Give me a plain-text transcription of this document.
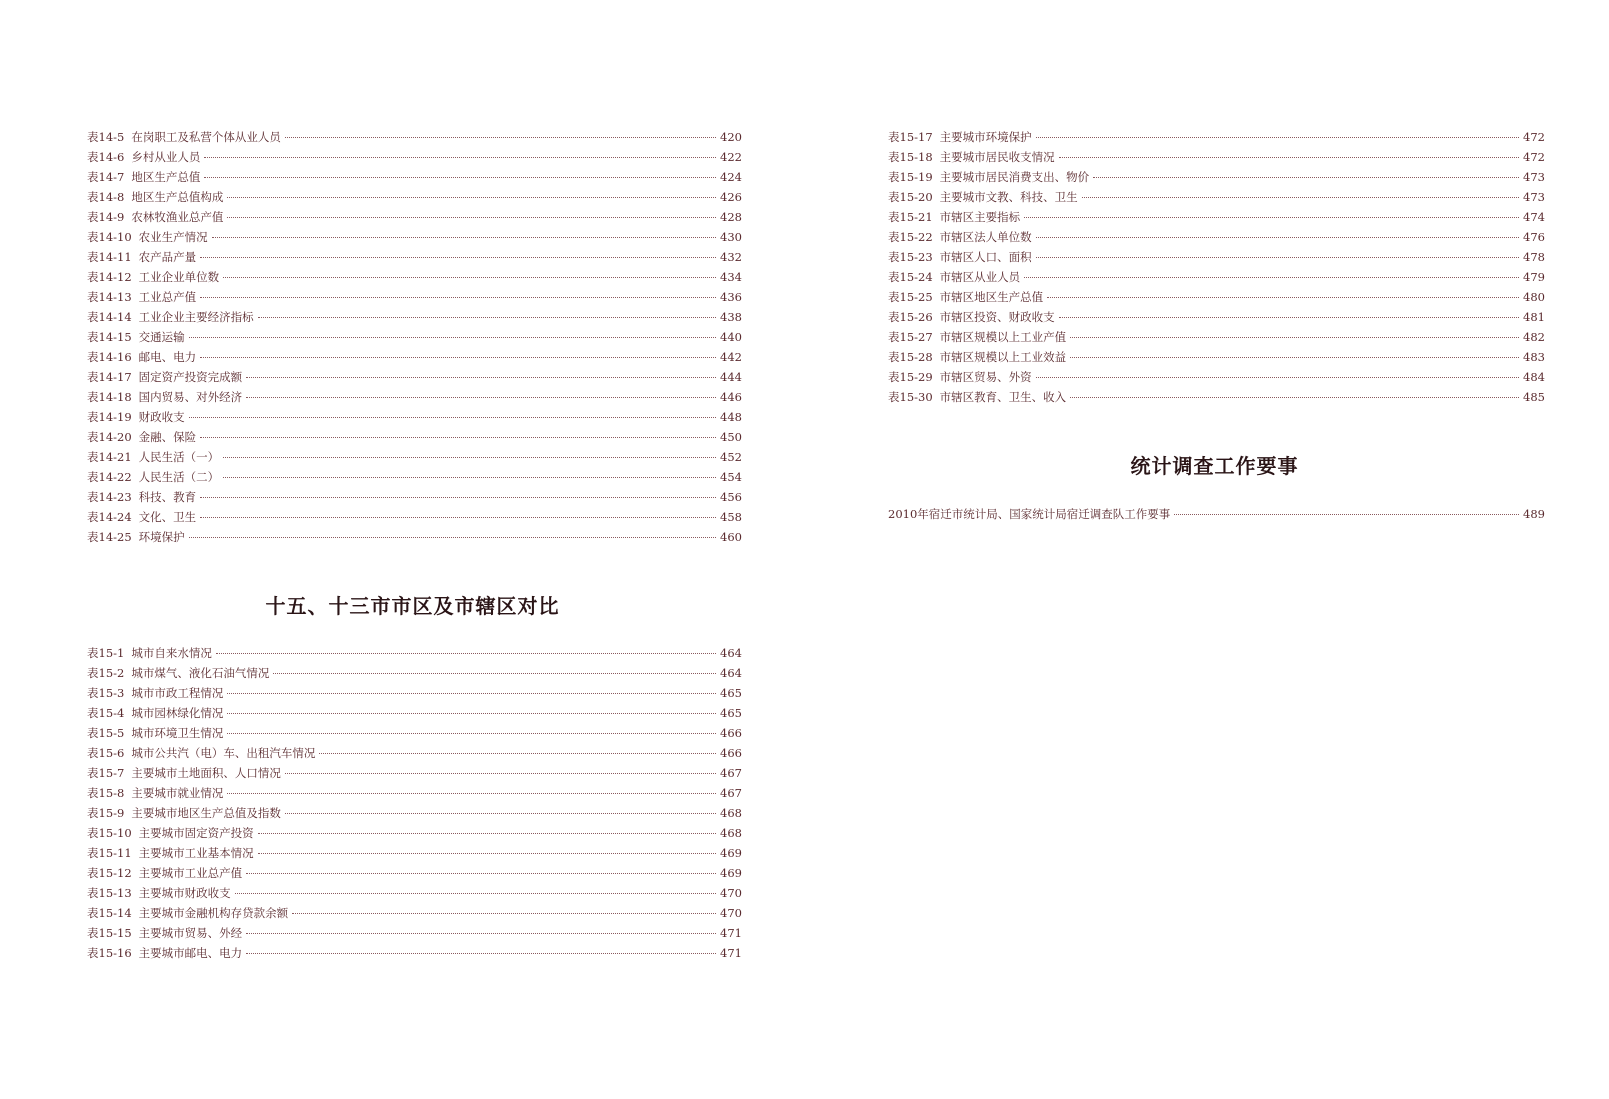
表14-5 在岗职工及私营个体从业人员	420
表14-6 乡村从业人员	422
表14-7 地区生产总值	424
表14-8 地区生产总值构成	426
表14-9 农林牧渔业总产值	428
表14-10 农业生产情况	430
表14-11 农产品产量	432
表14-12 工业企业单位数	434
表14-13 工业总产值	436
表14-14 工业企业主要经济指标	438
表14-15 交通运输	440
表14-16 邮电、电力	442
表14-17 固定资产投资完成额	444
表14-18 国内贸易、对外经济	446
表14-19 财政收支	448
表14-20 金融、保险	450
表14-21 人民生活（一）	452
表14-22 人民生活（二）	454
表14-23 科技、教育	456
表14-24 文化、卫生	458
表14-25 环境保护	460
十五、十三市市区及市辖区对比
表15-1 城市自来水情况	464
表15-2 城市煤气、液化石油气情况	464
表15-3 城市市政工程情况	465
表15-4 城市园林绿化情况	465
表15-5 城市环境卫生情况	466
表15-6 城市公共汽（电）车、出租汽车情况	466
表15-7 主要城市土地面积、人口情况	467
表15-8 主要城市就业情况	467
表15-9 主要城市地区生产总值及指数	468
表15-10 主要城市固定资产投资	468
表15-11 主要城市工业基本情况	469
表15-12 主要城市工业总产值	469
表15-13 主要城市财政收支	470
表15-14 主要城市金融机构存贷款余额	470
表15-15 主要城市贸易、外经	471
表15-16 主要城市邮电、电力	471
表15-17 主要城市环境保护	472
表15-18 主要城市居民收支情况	472
表15-19 主要城市居民消费支出、物价	473
表15-20 主要城市文教、科技、卫生	473
表15-21 市辖区主要指标	474
表15-22 市辖区法人单位数	476
表15-23 市辖区人口、面积	478
表15-24 市辖区从业人员	479
表15-25 市辖区地区生产总值	480
表15-26 市辖区投资、财政收支	481
表15-27 市辖区规模以上工业产值	482
表15-28 市辖区规模以上工业效益	483
表15-29 市辖区贸易、外资	484
表15-30 市辖区教育、卫生、收入	485
统计调查工作要事
2010年宿迁市统计局、国家统计局宿迁调查队工作要事	489
